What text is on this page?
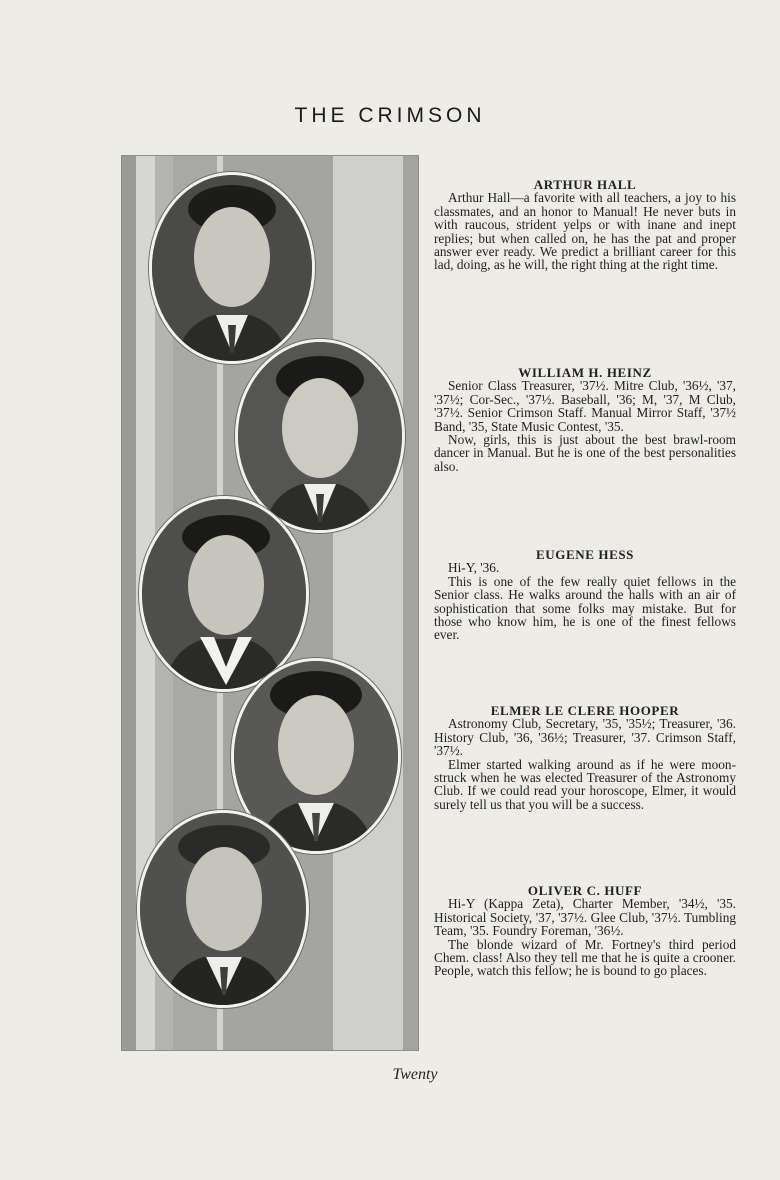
THE CRIMSON
ARTHUR HALL

Arthur Hall—a favorite with all teachers, a joy to his classmates, and an honor to Manual! He never buts in with raucous, strident yelps or with inane and inept replies; but when called on, he has the pat and proper answer ever ready. We predict a brilliant career for this lad, doing, as he will, the right thing at the right time.

WILLIAM H. HEINZ

Senior Class Treasurer, '37½. Mitre Club, '36½, '37, '37½; Cor-Sec., '37½. Baseball, '36; M, '37, M Club, '37½. Senior Crimson Staff. Manual Mirror Staff, '37½ Band, '35, State Music Contest, '35.
Now, girls, this is just about the best brawl-room dancer in Manual. But he is one of the best personalities also.

EUGENE HESS

Hi-Y, '36.
This is one of the few really quiet fellows in the Senior class. He walks around the halls with an air of sophistication that some folks may mistake. But for those who know him, he is one of the finest fellows ever.

ELMER LE CLERE HOOPER

Astronomy Club, Secretary, '35, '35½; Treasurer, '36. History Club, '36, '36½; Treasurer, '37. Crimson Staff, '37½.
Elmer started walking around as if he were moon-struck when he was elected Treasurer of the Astronomy Club. If we could read your horoscope, Elmer, it would surely tell us that you will be a success.

OLIVER C. HUFF

Hi-Y (Kappa Zeta), Charter Member, '34½, '35. Historical Society, '37, '37½. Glee Club, '37½. Tumbling Team, '35. Foundry Foreman, '36½.
The blonde wizard of Mr. Fortney's third period Chem. class! Also they tell me that he is quite a crooner. People, watch this fellow; he is bound to go places.

Twenty
